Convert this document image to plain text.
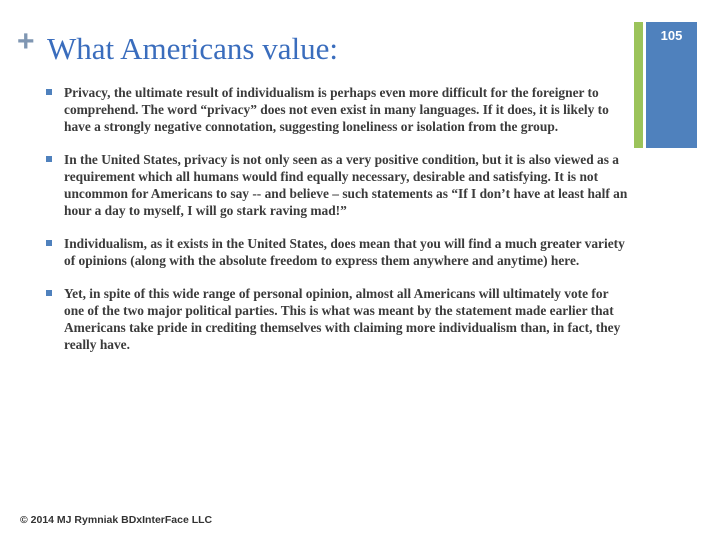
+ What Americans value:	105
Privacy, the ultimate result of individualism is perhaps even more difficult for the foreigner to comprehend. The word “privacy” does not even exist in many languages. If it does, it is likely to have a strongly negative connotation, suggesting loneliness or isolation from the group.
In the United States, privacy is not only seen as a very positive condition, but it is also viewed as a requirement which all humans would find equally necessary, desirable and satisfying. It is not uncommon for Americans to say -- and believe – such statements as “If I don’t have at least half an hour a day to myself, I will go stark raving mad!”
Individualism, as it exists in the United States, does mean that you will find a much greater variety of opinions (along with the absolute freedom to express them anywhere and anytime) here.
Yet, in spite of this wide range of personal opinion, almost all Americans will ultimately vote for one of the two major political parties. This is what was meant by the statement made earlier that Americans take pride in crediting themselves with claiming more individualism than, in fact, they really have.
© 2014 MJ Rymniak BDxInterFace LLC
